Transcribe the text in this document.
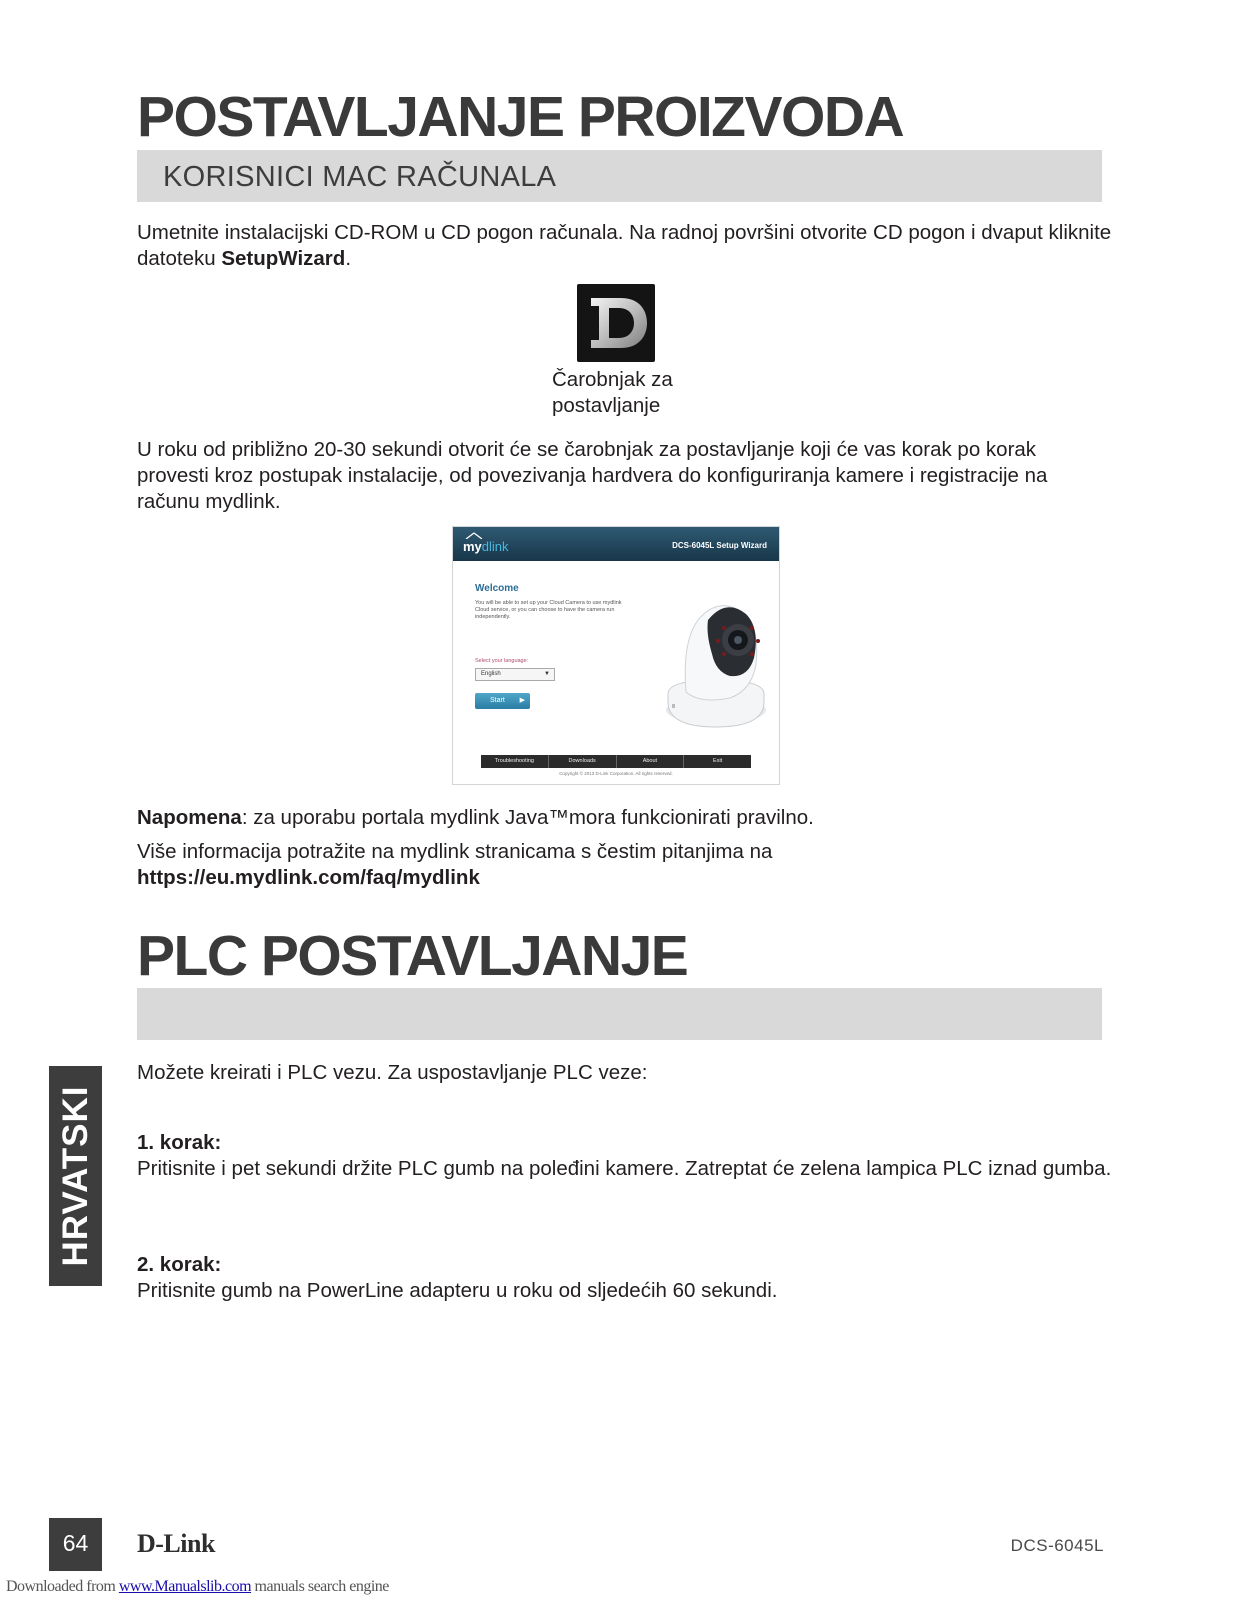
POSTAVLJANJE PROIZVODA
KORISNICI MAC RAČUNALA

Umetnite instalacijski CD-ROM u CD pogon računala. Na radnoj površini otvorite CD pogon i dvaput kliknite datoteku SetupWizard.

Čarobnjak za
postavljanje

U roku od približno 20-30 sekundi otvorit će se čarobnjak za postavljanje koji će vas korak po korak provesti kroz postupak instalacije, od povezivanja hardvera do konfiguriranja kamere i registracije na računu mydlink.

mydlink	DCS-6045L Setup Wizard
Welcome
You will be able to set up your Cloud Camera to use mydlink Cloud service, or you can choose to have the camera run independently.
Select your language:
English	▼
Start ▶
Troubleshooting	Downloads	About	Exit
Copyright © 2013 D-Link Corporation. All rights reserved.

Napomena: za uporabu portala mydlink Java™mora funkcionirati pravilno.

Više informacija potražite na mydlink stranicama s čestim pitanjima na
https://eu.mydlink.com/faq/mydlink

PLC POSTAVLJANJE

Možete kreirati i PLC vezu. Za uspostavljanje PLC veze:

1. korak:
Pritisnite i pet sekundi držite PLC gumb na poleđini kamere. Zatreptat će zelena lampica PLC iznad gumba.

2. korak:
Pritisnite gumb na PowerLine adapteru u roku od sljedećih 60 sekundi.

HRVATSKI
64	D-Link	DCS-6045L
Downloaded from www.Manualslib.com manuals search engine
